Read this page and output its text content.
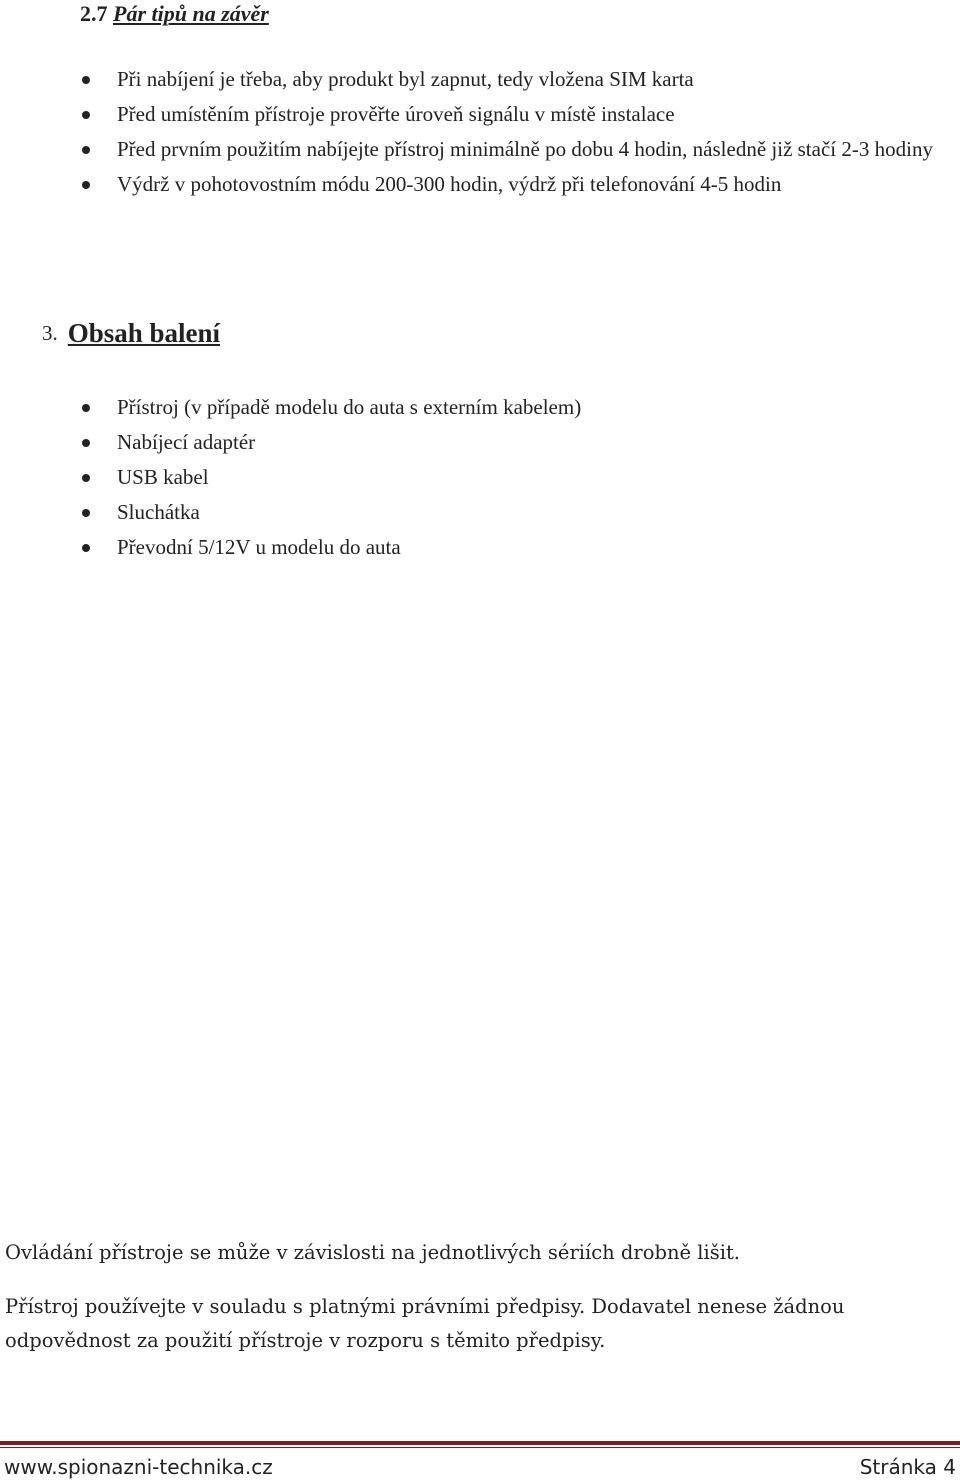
2.7 Pár tipů na závěr
Při nabíjení je třeba, aby produkt byl zapnut, tedy vložena SIM karta
Před umístěním přístroje prověřte úroveň signálu v místě instalace
Před prvním použitím nabíjejte přístroj minimálně po dobu 4 hodin, následně již stačí 2-3 hodiny
Výdrž v pohotovostním módu 200-300 hodin, výdrž při telefonování 4-5 hodin
3. Obsah balení
Přístroj (v případě modelu do auta s externím kabelem)
Nabíjecí adaptér
USB kabel
Sluchátka
Převodní 5/12V u modelu do auta
Ovládání přístroje se může v závislosti na jednotlivých sériích drobně lišit.
Přístroj používejte v souladu s platnými právními předpisy. Dodavatel nenese žádnou odpovědnost za použití přístroje v rozporu s těmito předpisy.
www.spionazni-technika.cz	Stránka 4
